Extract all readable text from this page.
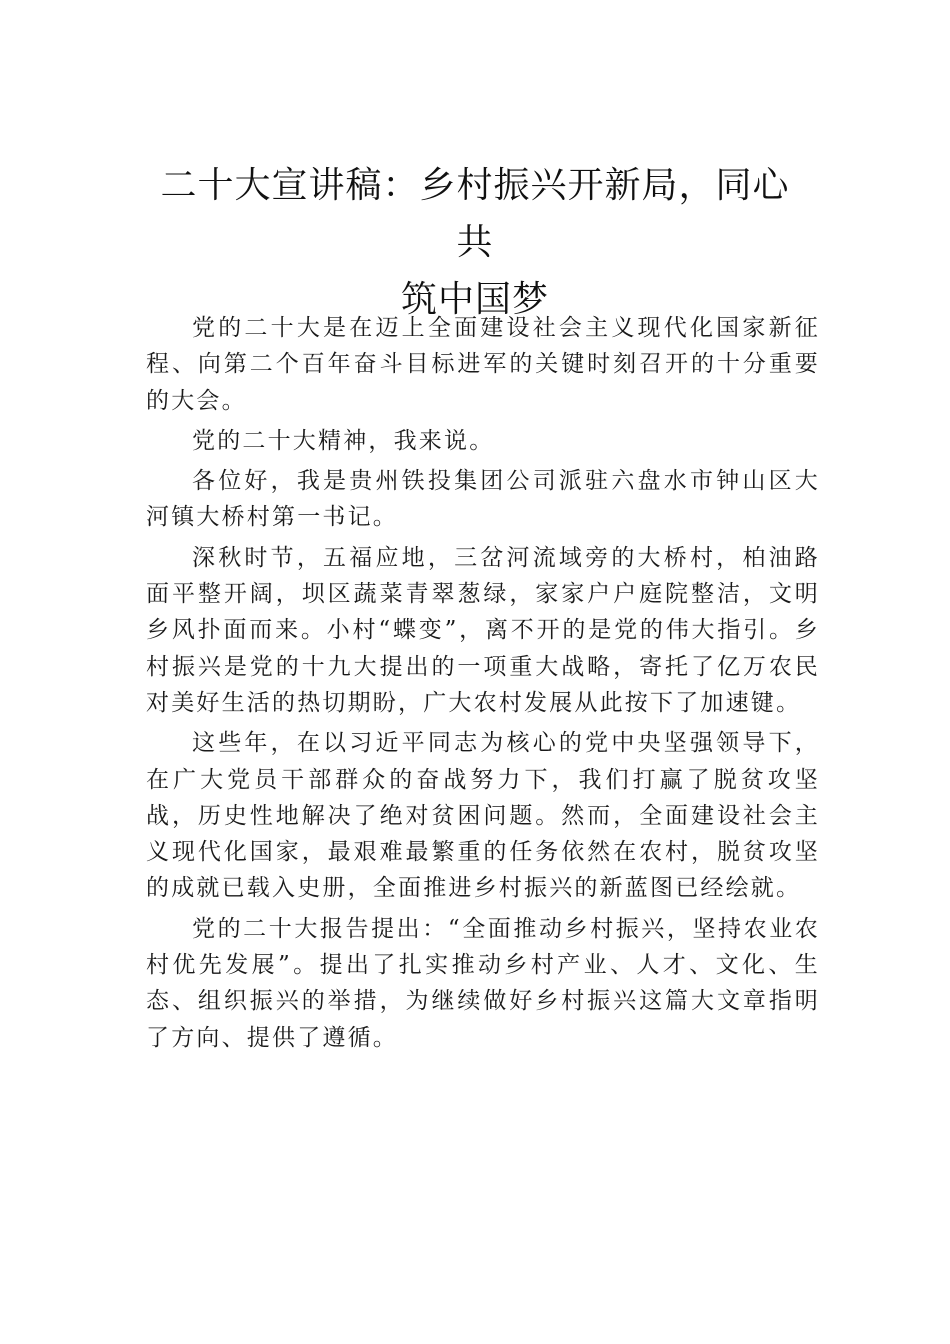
二十大宣讲稿：乡村振兴开新局，同心共
筑中国梦

党的二十大是在迈上全面建设社会主义现代化国家新征程、向第二个百年奋斗目标进军的关键时刻召开的十分重要的大会。

党的二十大精神，我来说。

各位好，我是贵州铁投集团公司派驻六盘水市钟山区大河镇大桥村第一书记。

深秋时节，五福应地，三岔河流域旁的大桥村，柏油路面平整开阔，坝区蔬菜青翠葱绿，家家户户庭院整洁，文明乡风扑面而来。小村“蝶变”，离不开的是党的伟大指引。乡村振兴是党的十九大提出的一项重大战略，寄托了亿万农民对美好生活的热切期盼，广大农村发展从此按下了加速键。

这些年，在以习近平同志为核心的党中央坚强领导下，在广大党员干部群众的奋战努力下，我们打赢了脱贫攻坚战，历史性地解决了绝对贫困问题。然而，全面建设社会主义现代化国家，最艰难最繁重的任务依然在农村，脱贫攻坚的成就已载入史册，全面推进乡村振兴的新蓝图已经绘就。

党的二十大报告提出：“全面推动乡村振兴，坚持农业农村优先发展”。提出了扎实推动乡村产业、人才、文化、生态、组织振兴的举措，为继续做好乡村振兴这篇大文章指明了方向、提供了遵循。
